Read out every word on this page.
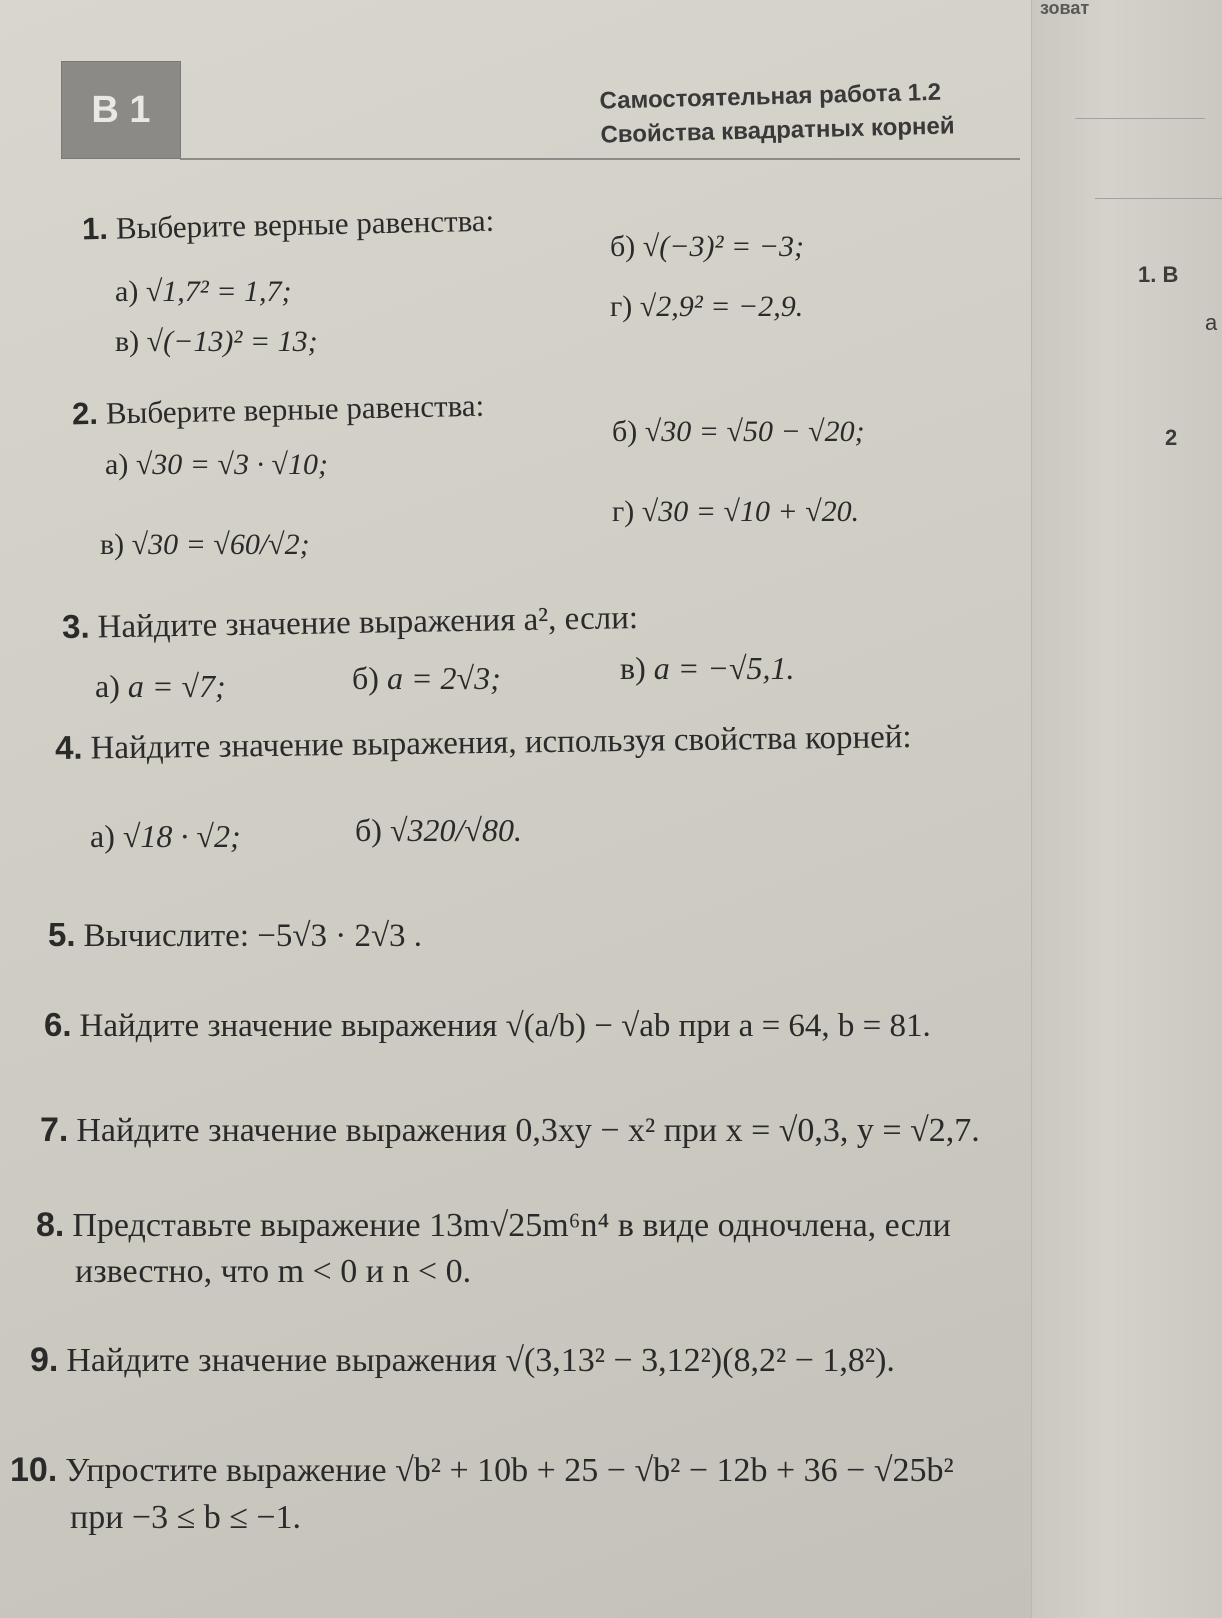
зоват
1. В
а
2
В 1	Самостоятельная работа 1.2
Свойства квадратных корней
1. Выберите верные равенства:
а) √1,7² = 1,7;
б) √(−3)² = −3;
в) √(−13)² = 13;
г) √2,9² = −2,9.
2. Выберите верные равенства:
а) √30 = √3 · √10;
б) √30 = √50 − √20;
в) √30 = √60/√2;
г) √30 = √10 + √20.
3. Найдите значение выражения a², если:
а) a = √7;	б) a = 2√3;	в) a = −√5,1.
4. Найдите значение выражения, используя свойства корней:
а) √18 · √2;	б) √320/√80.
5. Вычислите: −5√3 · 2√3 .
6. Найдите значение выражения √(a/b) − √ab при a = 64, b = 81.
7. Найдите значение выражения 0,3xy − x² при x = √0,3, y = √2,7.
8. Представьте выражение 13m√25m⁶n⁴ в виде одночлена, если
известно, что m < 0 и n < 0.
9. Найдите значение выражения √(3,13² − 3,12²)(8,2² − 1,8²).
10. Упростите выражение √b² + 10b + 25 − √b² − 12b + 36 − √25b²
при −3 ≤ b ≤ −1.
